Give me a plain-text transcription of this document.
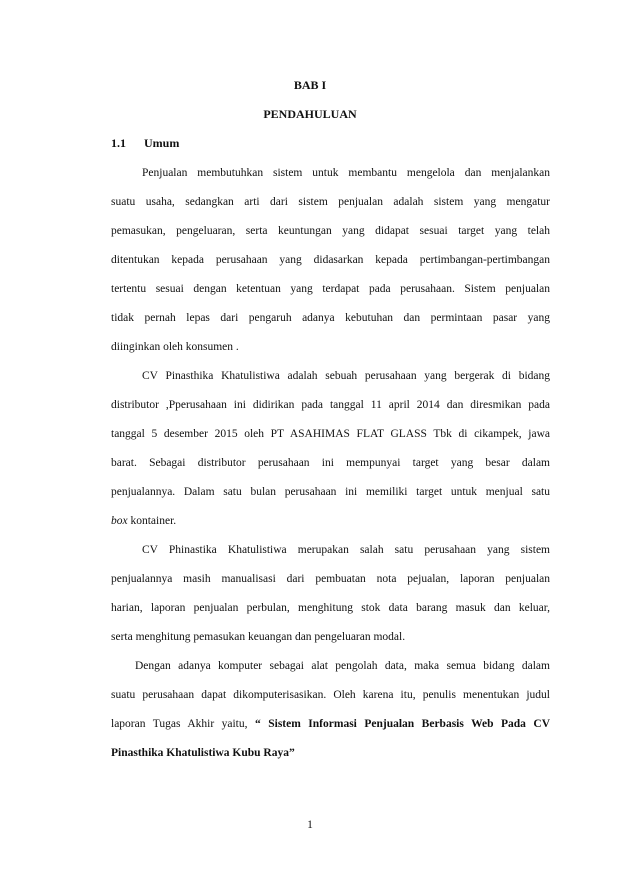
BAB I
PENDAHULUAN
1.1 Umum
Penjualan membutuhkan sistem untuk membantu mengelola dan menjalankan
suatu usaha, sedangkan arti dari sistem penjualan adalah sistem yang mengatur
pemasukan, pengeluaran, serta keuntungan yang didapat sesuai target yang telah
ditentukan kepada perusahaan yang didasarkan kepada pertimbangan-pertimbangan
tertentu sesuai dengan ketentuan yang terdapat pada perusahaan. Sistem penjualan
tidak pernah lepas dari pengaruh adanya kebutuhan dan permintaan pasar yang
diinginkan oleh konsumen .
CV Pinasthika Khatulistiwa adalah sebuah perusahaan yang bergerak di bidang
distributor ,Pperusahaan ini didirikan pada tanggal 11 april 2014 dan diresmikan pada
tanggal 5 desember 2015 oleh PT ASAHIMAS FLAT GLASS Tbk di cikampek, jawa
barat. Sebagai distributor perusahaan ini mempunyai target yang besar dalam
penjualannya. Dalam satu bulan perusahaan ini memiliki target untuk menjual satu
box kontainer.
CV Phinastika Khatulistiwa merupakan salah satu perusahaan yang sistem
penjualannya masih manualisasi dari pembuatan nota pejualan, laporan penjualan
harian, laporan penjualan perbulan, menghitung stok data barang masuk dan keluar,
serta menghitung pemasukan keuangan dan pengeluaran modal.
Dengan adanya komputer sebagai alat pengolah data, maka semua bidang dalam
suatu perusahaan dapat dikomputerisasikan. Oleh karena itu, penulis menentukan judul
laporan Tugas Akhir yaitu, “ Sistem Informasi Penjualan Berbasis Web Pada CV
Pinasthika Khatulistiwa Kubu Raya”
1
